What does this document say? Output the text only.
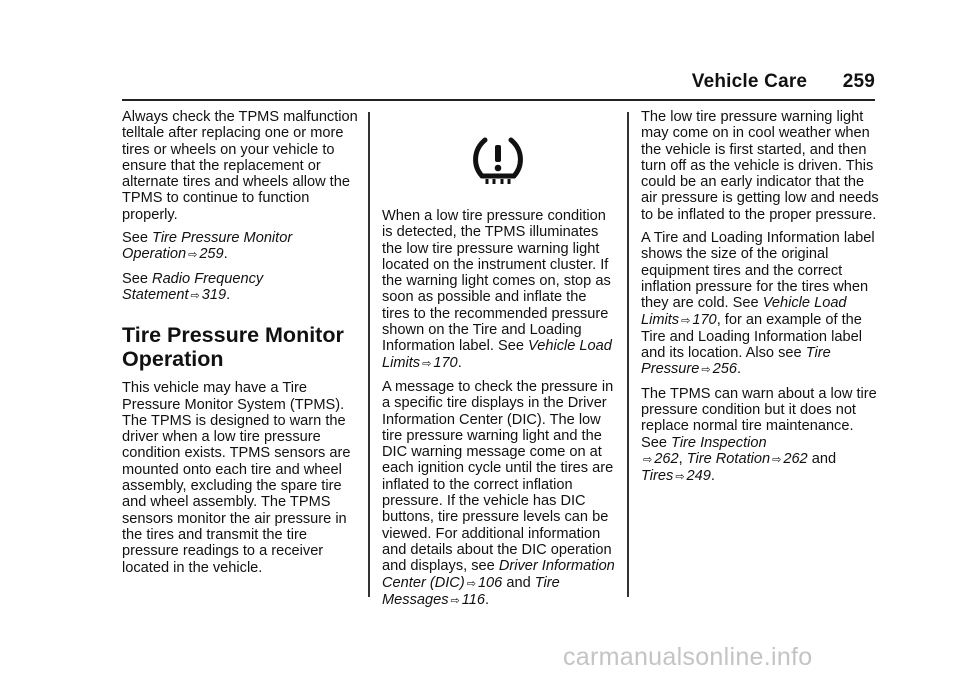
Vehicle Care 259

Always check the TPMS malfunction telltale after replacing one or more tires or wheels on your vehicle to ensure that the replacement or alternate tires and wheels allow the TPMS to continue to function properly.

See Tire Pressure Monitor Operation ⇨ 259.

See Radio Frequency Statement ⇨ 319.

Tire Pressure Monitor Operation

This vehicle may have a Tire Pressure Monitor System (TPMS). The TPMS is designed to warn the driver when a low tire pressure condition exists. TPMS sensors are mounted onto each tire and wheel assembly, excluding the spare tire and wheel assembly. The TPMS sensors monitor the air pressure in the tires and transmit the tire pressure readings to a receiver located in the vehicle.

When a low tire pressure condition is detected, the TPMS illuminates the low tire pressure warning light located on the instrument cluster. If the warning light comes on, stop as soon as possible and inflate the tires to the recommended pressure shown on the Tire and Loading Information label. See Vehicle Load Limits ⇨ 170.

A message to check the pressure in a specific tire displays in the Driver Information Center (DIC). The low tire pressure warning light and the DIC warning message come on at each ignition cycle until the tires are inflated to the correct inflation pressure. If the vehicle has DIC buttons, tire pressure levels can be viewed. For additional information and details about the DIC operation and displays, see Driver Information Center (DIC) ⇨ 106 and Tire Messages ⇨ 116.

The low tire pressure warning light may come on in cool weather when the vehicle is first started, and then turn off as the vehicle is driven. This could be an early indicator that the air pressure is getting low and needs to be inflated to the proper pressure.

A Tire and Loading Information label shows the size of the original equipment tires and the correct inflation pressure for the tires when they are cold. See Vehicle Load Limits ⇨ 170, for an example of the Tire and Loading Information label and its location. Also see Tire Pressure ⇨ 256.

The TPMS can warn about a low tire pressure condition but it does not replace normal tire maintenance. See Tire Inspection
⇨ 262, Tire Rotation ⇨ 262 and
Tires ⇨ 249.

carmanualsonline.info
